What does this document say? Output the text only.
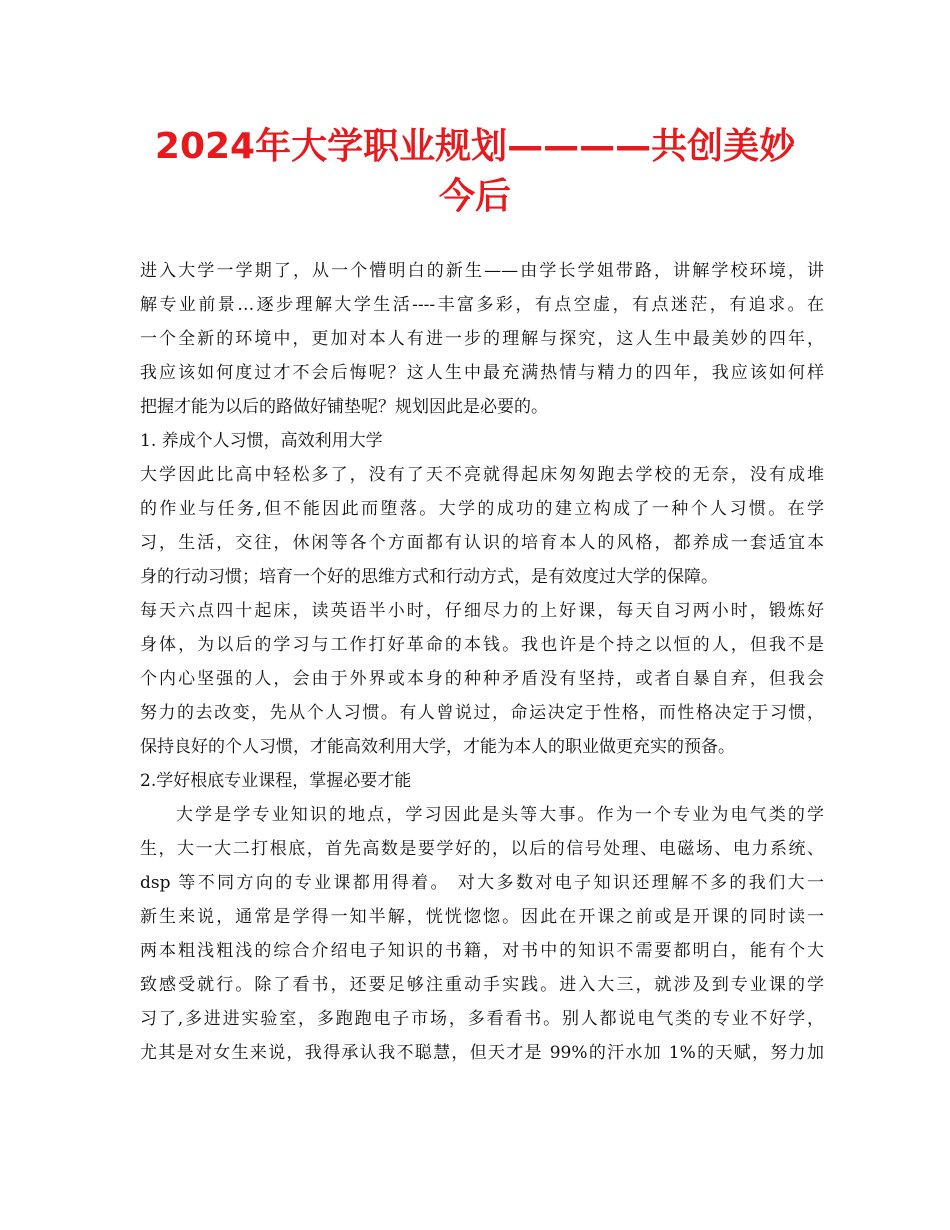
2024年大学职业规划————共创美妙
今后
进入大学一学期了，从一个懵明白的新生——由学长学姐带路，讲解学校环境，讲
解专业前景…逐步理解大学生活----丰富多彩，有点空虚，有点迷茫，有追求。在
一个全新的环境中，更加对本人有进一步的理解与探究，这人生中最美妙的四年，
我应该如何度过才不会后悔呢？这人生中最充满热情与精力的四年，我应该如何样
把握才能为以后的路做好铺垫呢？规划因此是必要的。
1. 养成个人习惯，高效利用大学
大学因此比高中轻松多了，没有了天不亮就得起床匆匆跑去学校的无奈，没有成堆
的作业与任务,但不能因此而堕落。大学的成功的建立构成了一种个人习惯。在学
习，生活，交往，休闲等各个方面都有认识的培育本人的风格，都养成一套适宜本
身的行动习惯；培育一个好的思维方式和行动方式，是有效度过大学的保障。
每天六点四十起床，读英语半小时，仔细尽力的上好课，每天自习两小时，锻炼好
身体，为以后的学习与工作打好革命的本钱。我也许是个持之以恒的人，但我不是
个内心坚强的人，会由于外界或本身的种种矛盾没有坚持，或者自暴自弃，但我会
努力的去改变，先从个人习惯。有人曾说过，命运决定于性格，而性格决定于习惯，
保持良好的个人习惯，才能高效利用大学，才能为本人的职业做更充实的预备。
2.学好根底专业课程，掌握必要才能
大学是学专业知识的地点，学习因此是头等大事。作为一个专业为电气类的学
生，大一大二打根底，首先高数是要学好的，以后的信号处理、电磁场、电力系统、
dsp 等不同方向的专业课都用得着。 对大多数对电子知识还理解不多的我们大一
新生来说，通常是学得一知半解，恍恍惚惚。因此在开课之前或是开课的同时读一
两本粗浅粗浅的综合介绍电子知识的书籍，对书中的知识不需要都明白，能有个大
致感受就行。除了看书，还要足够注重动手实践。进入大三，就涉及到专业课的学
习了,多进进实验室，多跑跑电子市场，多看看书。别人都说电气类的专业不好学，
尤其是对女生来说，我得承认我不聪慧，但天才是 99%的汗水加 1%的天赋，努力加
